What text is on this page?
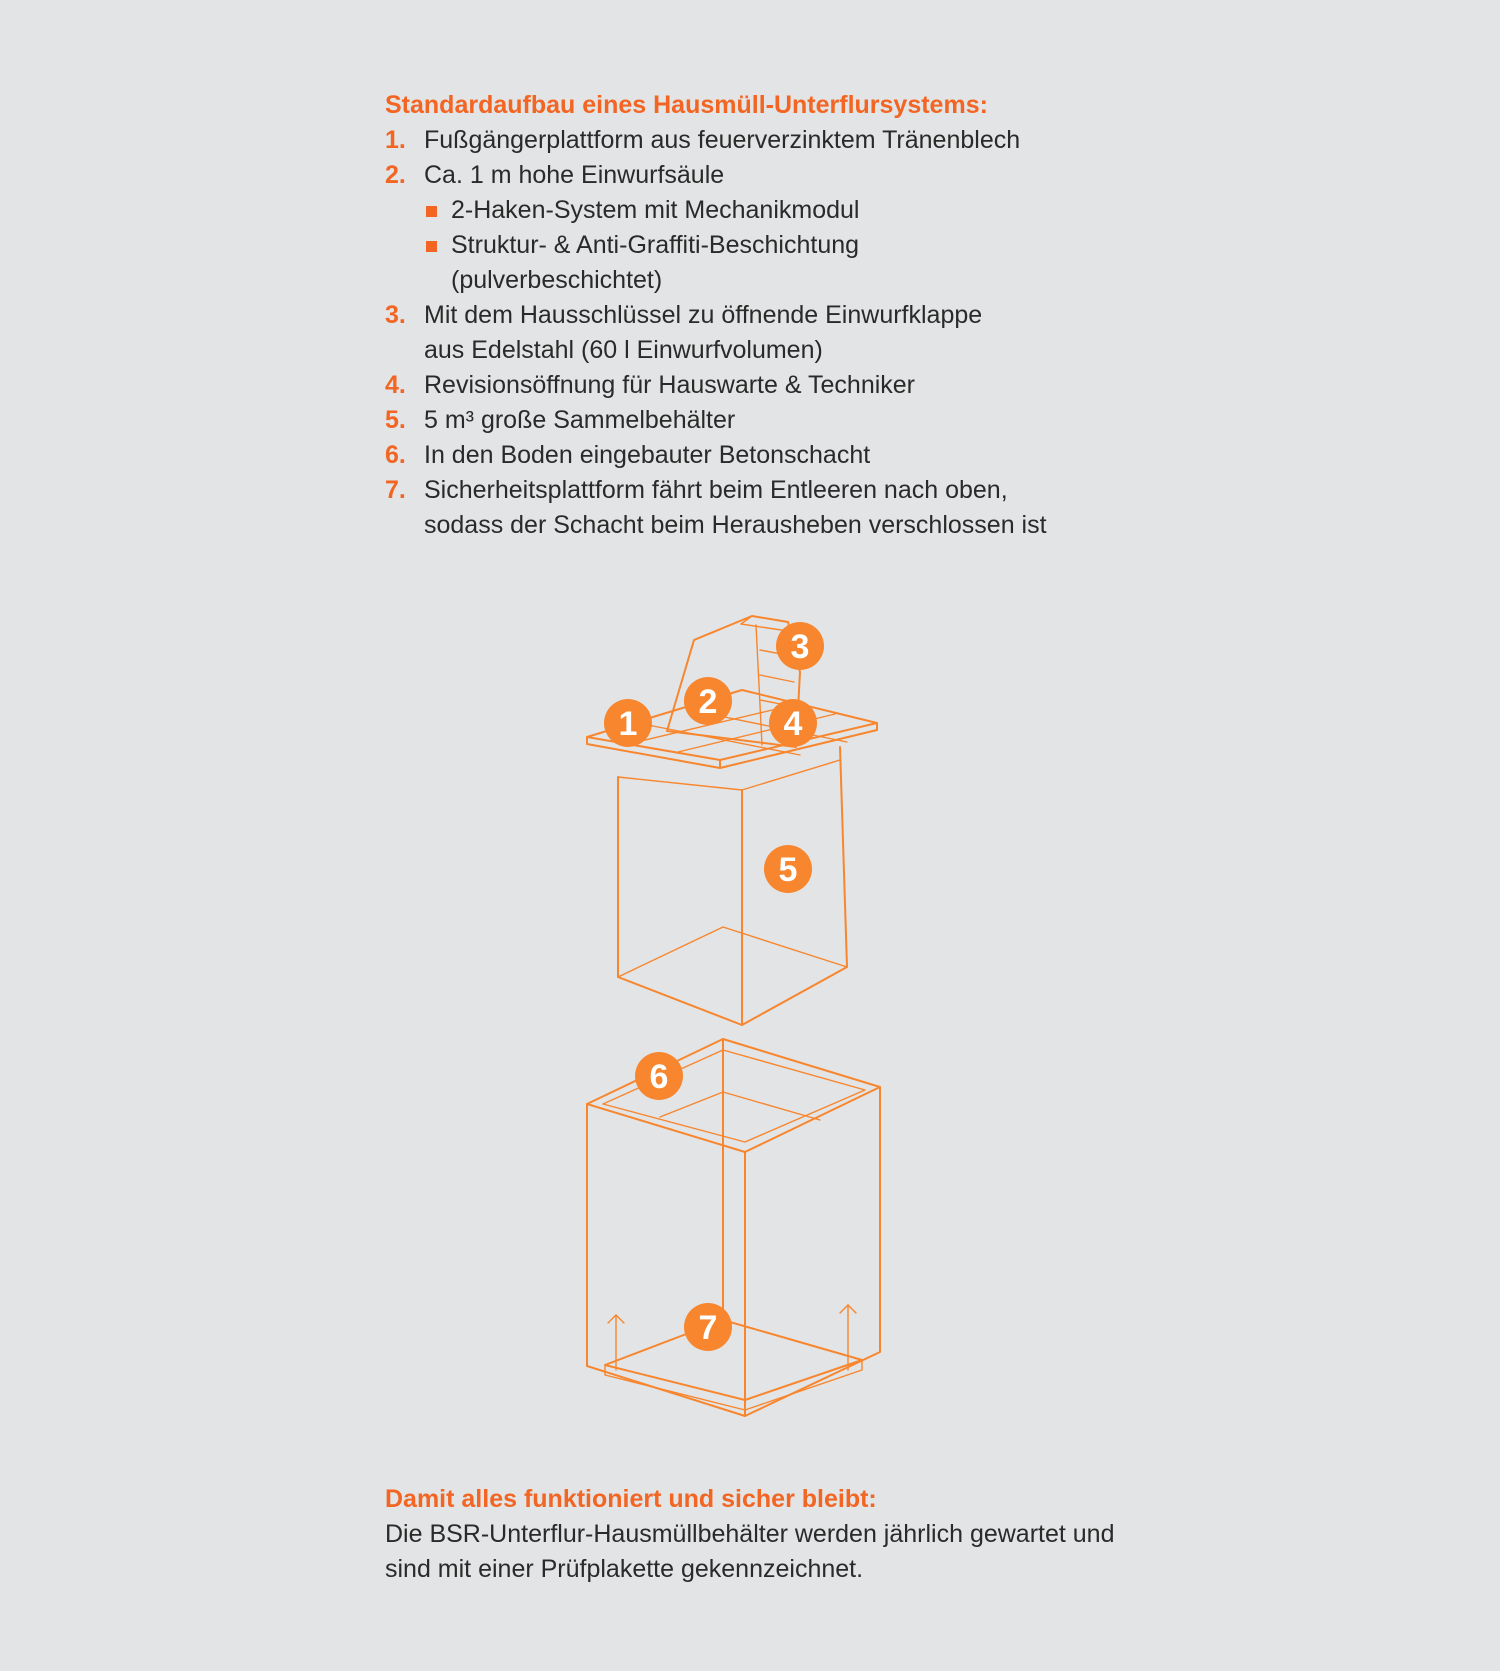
Standardaufbau eines Hausmüll-Unterflursystems:
1. Fußgängerplattform aus feuerverzinktem Tränenblech
2. Ca. 1 m hohe Einwurfsäule
2-Haken-System mit Mechanikmodul
Struktur- & Anti-Graffiti-Beschichtung
(pulverbeschichtet)
3. Mit dem Hausschlüssel zu öffnende Einwurfklappe
aus Edelstahl (60 l Einwurfvolumen)
4. Revisionsöffnung für Hauswarte & Techniker
5. 5 m³ große Sammelbehälter
6. In den Boden eingebauter Betonschacht
7. Sicherheitsplattform fährt beim Entleeren nach oben,
sodass der Schacht beim Herausheben verschlossen ist
1
2
3
4
5
6
7
Damit alles funktioniert und sicher bleibt:

Die BSR-Unterflur-Hausmüllbehälter werden jährlich gewartet und sind mit einer Prüfplakette gekennzeichnet.
